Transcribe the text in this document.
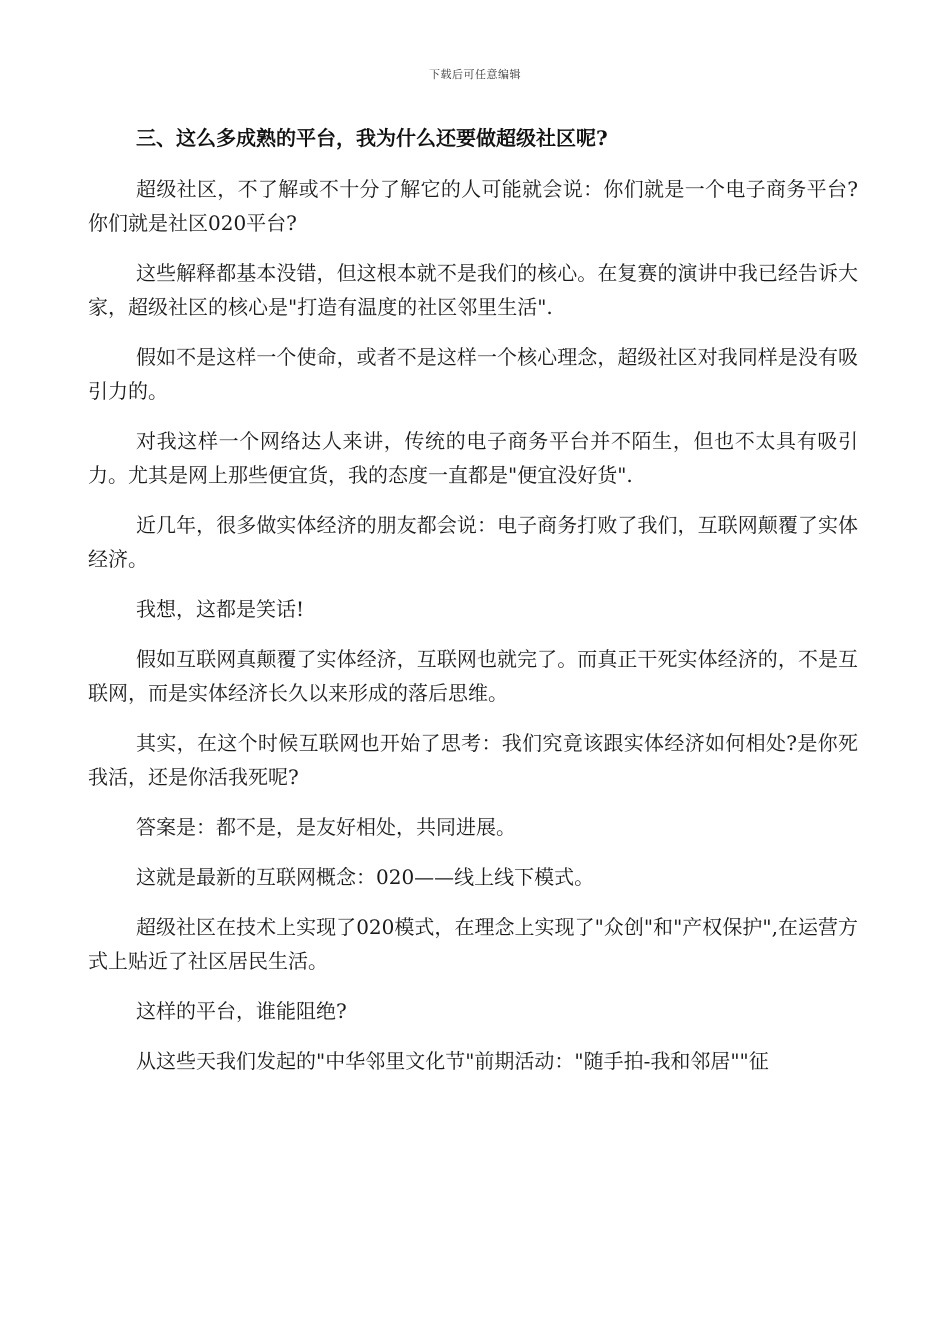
下载后可任意编辑
三、这么多成熟的平台，我为什么还要做超级社区呢?

超级社区，不了解或不十分了解它的人可能就会说：你们就是一个电子商务平台?你们就是社区020平台?

这些解释都基本没错，但这根本就不是我们的核心。在复赛的演讲中我已经告诉大家，超级社区的核心是"打造有温度的社区邻里生活".

假如不是这样一个使命，或者不是这样一个核心理念，超级社区对我同样是没有吸引力的。

对我这样一个网络达人来讲，传统的电子商务平台并不陌生，但也不太具有吸引力。尤其是网上那些便宜货，我的态度一直都是"便宜没好货".

近几年，很多做实体经济的朋友都会说：电子商务打败了我们，互联网颠覆了实体经济。

我想，这都是笑话!

假如互联网真颠覆了实体经济，互联网也就完了。而真正干死实体经济的，不是互联网，而是实体经济长久以来形成的落后思维。

其实，在这个时候互联网也开始了思考：我们究竟该跟实体经济如何相处?是你死我活，还是你活我死呢?

答案是：都不是，是友好相处，共同进展。

这就是最新的互联网概念：020——线上线下模式。

超级社区在技术上实现了020模式，在理念上实现了"众创"和"产权保护",在运营方式上贴近了社区居民生活。

这样的平台，谁能阻绝?

从这些天我们发起的"中华邻里文化节"前期活动："随手拍-我和邻居""征
